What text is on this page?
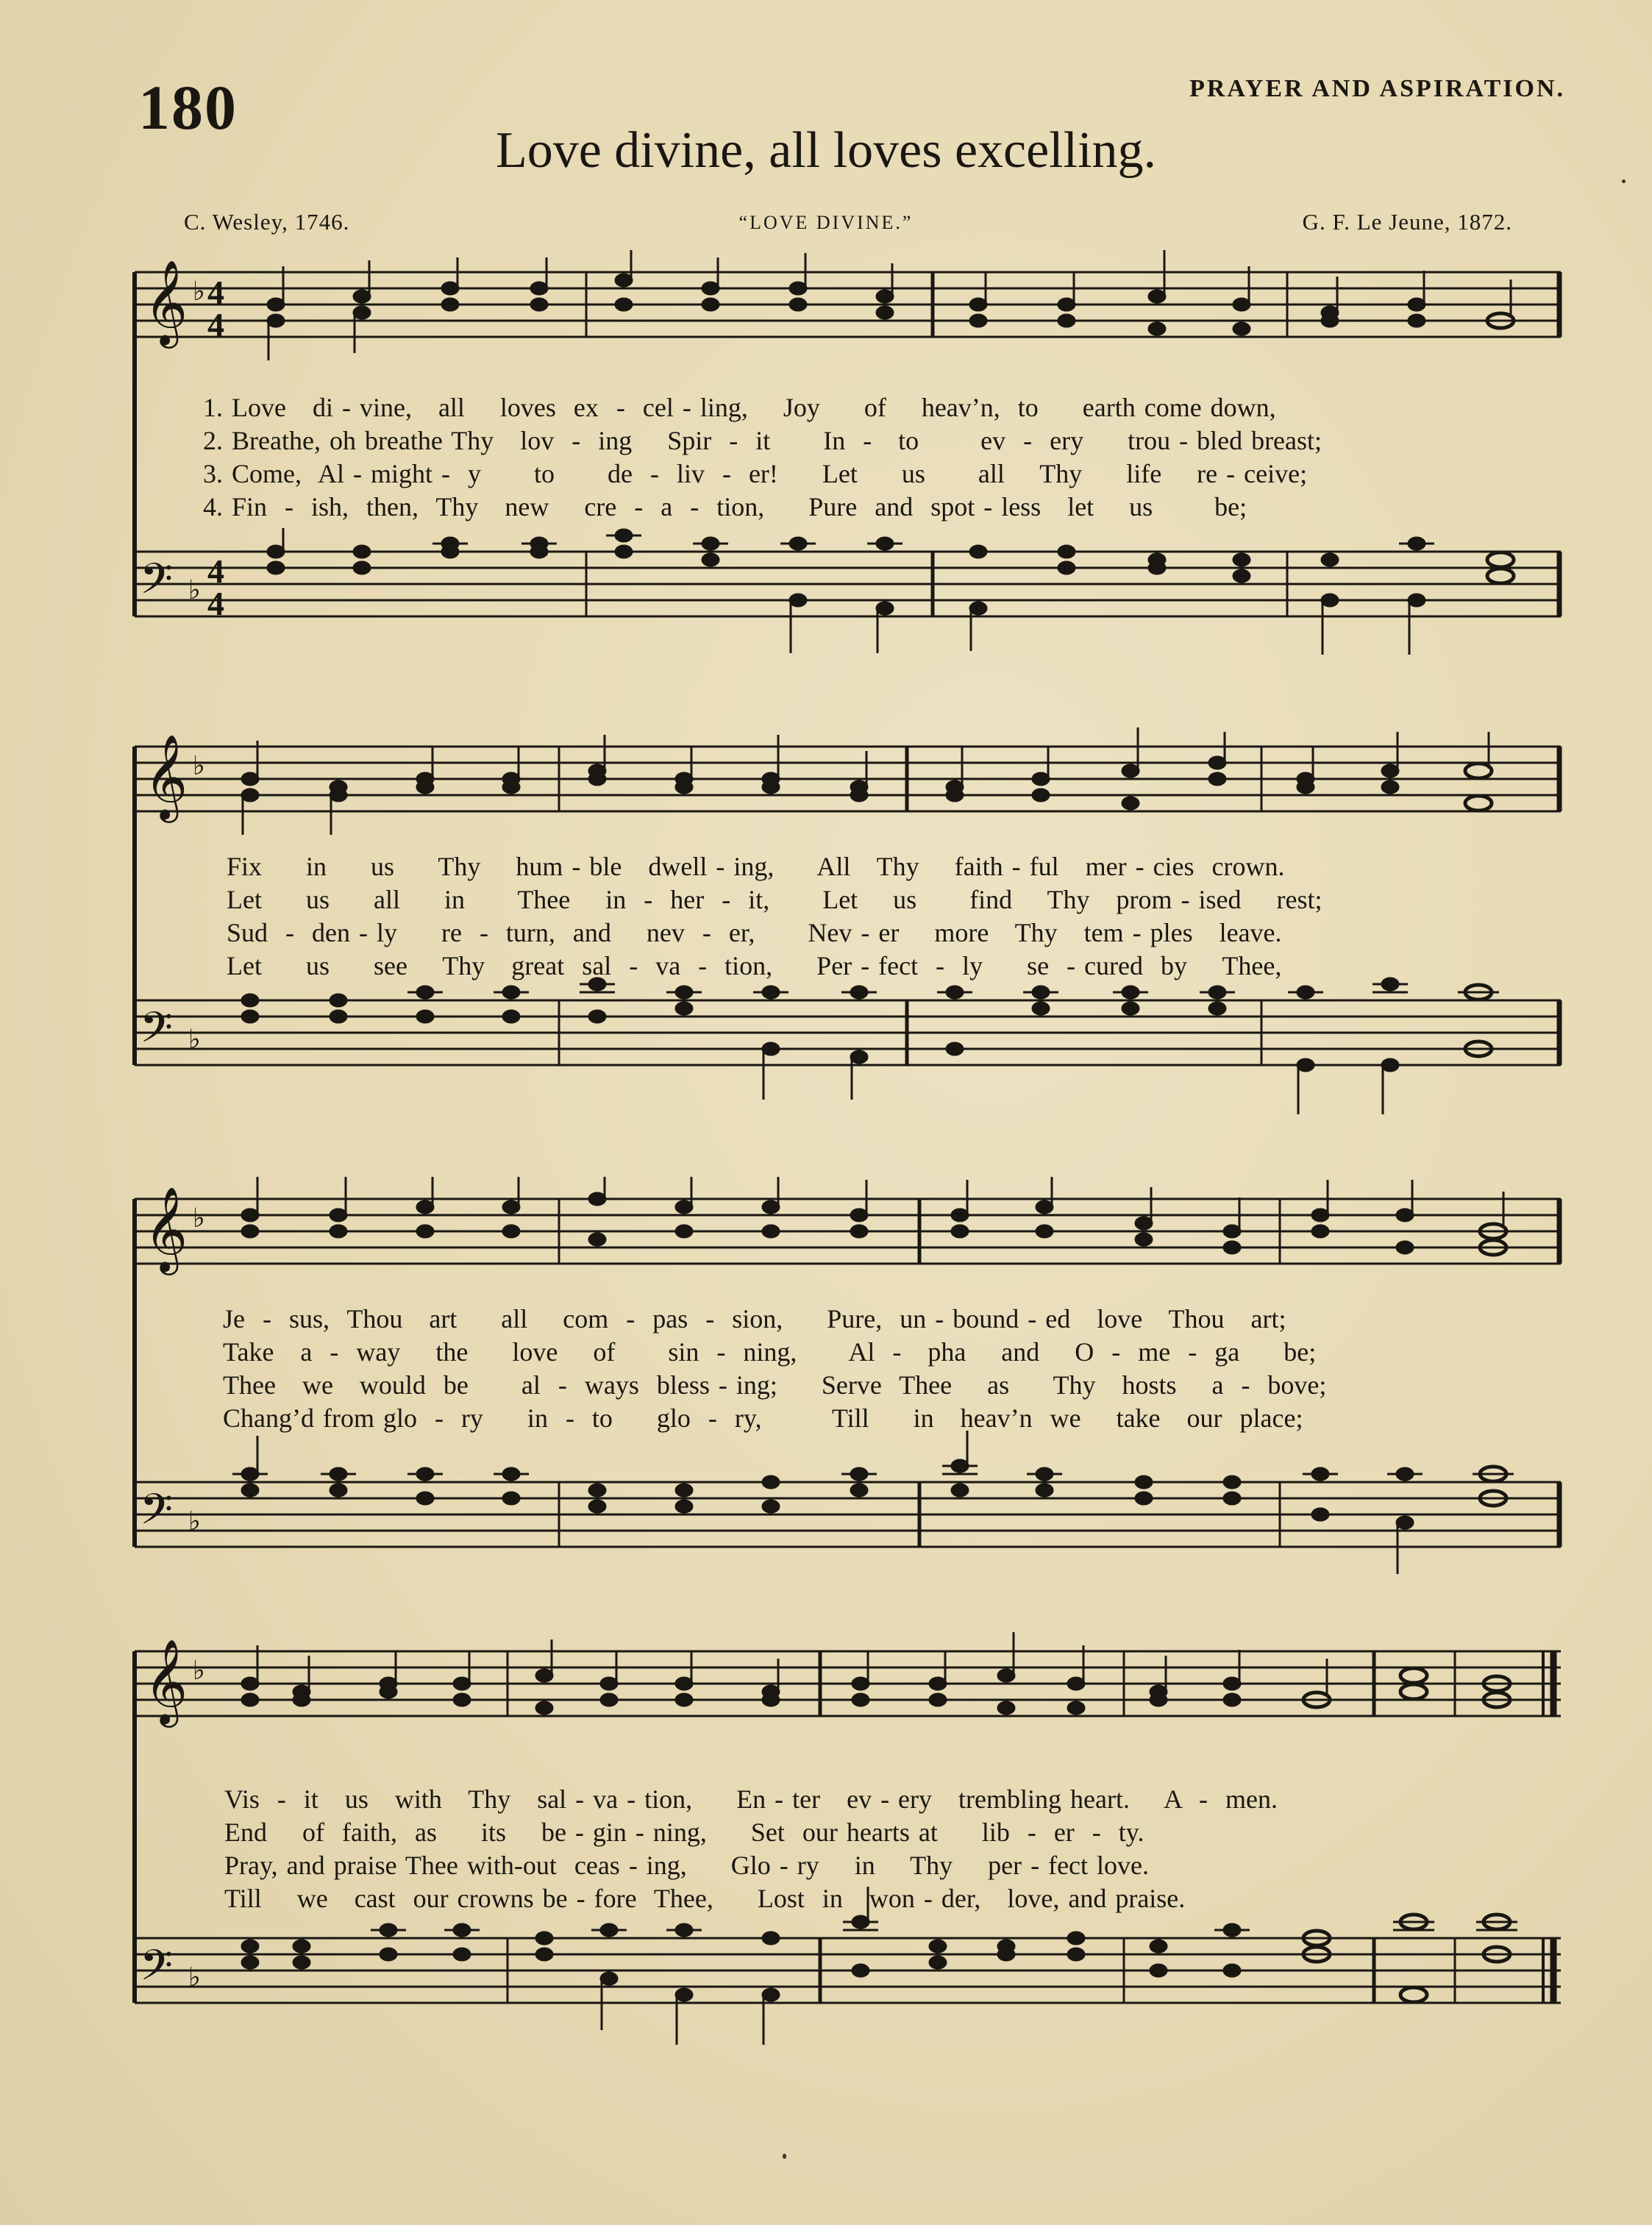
180	PRAYER AND ASPIRATION.
Love divine, all loves excelling.
C. Wesley, 1746.	“LOVE DIVINE.”	G. F. Le Jeune, 1872.
𝄞 ♭ 4
4
𝄢 ♭
4
4
1. Love   di - vine,   all    loves  ex  -  cel - ling,    Joy     of    heav’n,  to     earth come down,
2. Breathe, oh breathe Thy   lov  -  ing    Spir  -  it      In  -   to       ev  -  ery     trou - bled breast;
3. Come,  Al - might -  y      to      de  -  liv  -  er!     Let     us      all    Thy     life    re - ceive;
4. Fin  -  ish,  then,  Thy   new    cre  -  a  -  tion,     Pure  and  spot - less   let    us       be;
𝄞 ♭
𝄢 ♭
Fix     in     us     Thy    hum - ble   dwell - ing,     All   Thy    faith - ful   mer - cies  crown.
Let     us     all     in      Thee    in  -  her  -  it,      Let    us      find    Thy   prom - ised    rest;
Sud  -  den - ly     re  -  turn,  and    nev  -  er,      Nev - er    more   Thy   tem - ples   leave.
Let     us     see    Thy   great  sal  -  va  -  tion,     Per - fect  -  ly     se  - cured  by    Thee,
𝄞 ♭
𝄢 ♭
Je  -  sus,  Thou   art     all    com  -  pas  -  sion,     Pure,  un - bound - ed   love   Thou   art;
Take   a  -  way    the     love    of      sin  -  ning,      Al  -   pha    and    O  -  me  -  ga     be;
Thee   we   would  be      al  -  ways  bless - ing;     Serve  Thee    as     Thy   hosts    a  -  bove;
Chang’d from glo  -  ry     in  -  to     glo  -  ry,        Till     in   heav’n  we    take   our  place;
𝄞 ♭
𝄢 ♭
Vis  -  it   us   with   Thy   sal - va - tion,     En - ter   ev - ery   trembling heart.    A  -  men.
End    of  faith,  as     its    be - gin - ning,     Set  our hearts at     lib  -  er  -  ty.
Pray, and praise Thee with-out  ceas - ing,     Glo - ry    in    Thy    per - fect love.
Till    we   cast  our crowns be - fore  Thee,     Lost  in   won - der,   love, and praise.
